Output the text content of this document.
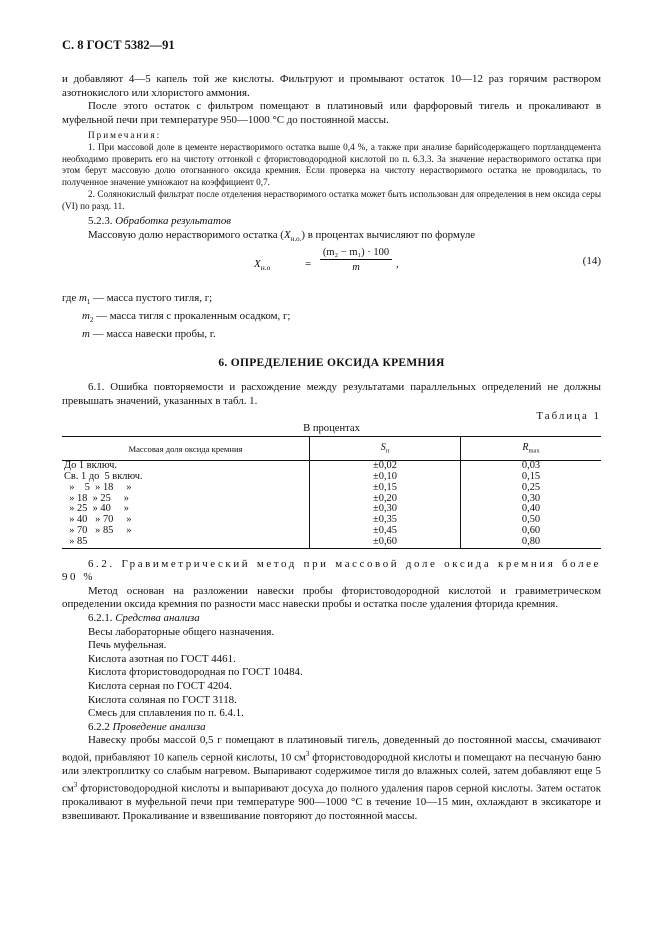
С. 8 ГОСТ 5382—91

и добавляют 4—5 капель той же кислоты. Фильтруют и промывают остаток 10—12 раз горячим раствором азотнокислого или хлористого аммония.

После этого остаток с фильтром помещают в платиновый или фарфоровый тигель и прокаливают в муфельной печи при температуре 950—1000 °С до постоянной массы.

Примечания:

1. При массовой доле в цементе нерастворимого остатка выше 0,4 %, а также при анализе барийсодержащего портландцемента необходимо проверить его на чистоту оттонкой с фтористоводородной кислотой по п. 6.3.3. За значение нерастворимого остатка при этом берут массовую долю отогнанного оксида кремния. Если проверка на чистоту нерастворимого остатка не проводилась, то полученное значение умножают на коэффициент 0,7.

2. Солянокислый фильтрат после отделения нерастворимого остатка может быть использован для определения в нем оксида серы (VI) по разд. 11.

5.2.3. Обработка результатов

Массовую долю нерастворимого остатка $(X_{н.о.})$ в процентах вычисляют по формуле

$X_{н.о}$	= $\frac{\text{(m₂ − m₁) · 100}}{m}$ ,	(14)
где $m_1$ — масса пустого тигля, г;
$m_2$ — масса тигля с прокаленным осадком, г;
m — масса навески пробы, г.
6. ОПРЕДЕЛЕНИЕ ОКСИДА КРЕМНИЯ

6.1. Ошибка повторяемости и расхождение между результатами параллельных определений не должны превышать значений, указанных в табл. 1.

Таблица 1
В процентах
Массовая доля оксида кремния	$S_п$	$R_{max}$
До 1 включ.	±0,02	0,03
Св. 1 до  5 включ.	±0,10	0,15
»    5  » 18     »	±0,15	0,25
» 18  » 25     »	±0,20	0,30
» 25  » 40     »	±0,30	0,40
» 40   » 70     »	±0,35	0,50
» 70   » 85     »	±0,45	0,60
» 85	±0,60	0,80

6.2. Гравиметрический метод при массовой доле оксида кремния более 90 %

Метод основан на разложении навески пробы фтористоводородной кислотой и гравиметрическом определении оксида кремния по разности масс навески пробы и остатка после удаления фторида кремния.

6.2.1. Средства анализа

Весы лабораторные общего назначения.

Печь муфельная.

Кислота азотная по ГОСТ 4461.

Кислота фтористоводородная по ГОСТ 10484.

Кислота серная по ГОСТ 4204.

Кислота соляная по ГОСТ 3118.

Смесь для сплавления по п. 6.4.1.

6.2.2 Проведение анализа

Навеску пробы массой 0,5 г помещают в платиновый тигель, доведенный до постоянной массы, смачивают водой, прибавляют 10 капель серной кислоты, 10 $см^3$ фтористоводородной кислоты и помещают на песчаную баню или электроплитку со слабым нагревом. Выпаривают содержимое тигля до влажных солей, затем добавляют еще 5 $см^3$ фтористоводородной кислоты и выпаривают досуха до полного удаления паров серной кислоты. Затем остаток прокаливают в муфельной печи при температуре 900—1000 °С в течение 10—15 мин, охлаждают в эксикаторе и взвешивают. Прокаливание и взвешивание повторяют до постоянной массы.
